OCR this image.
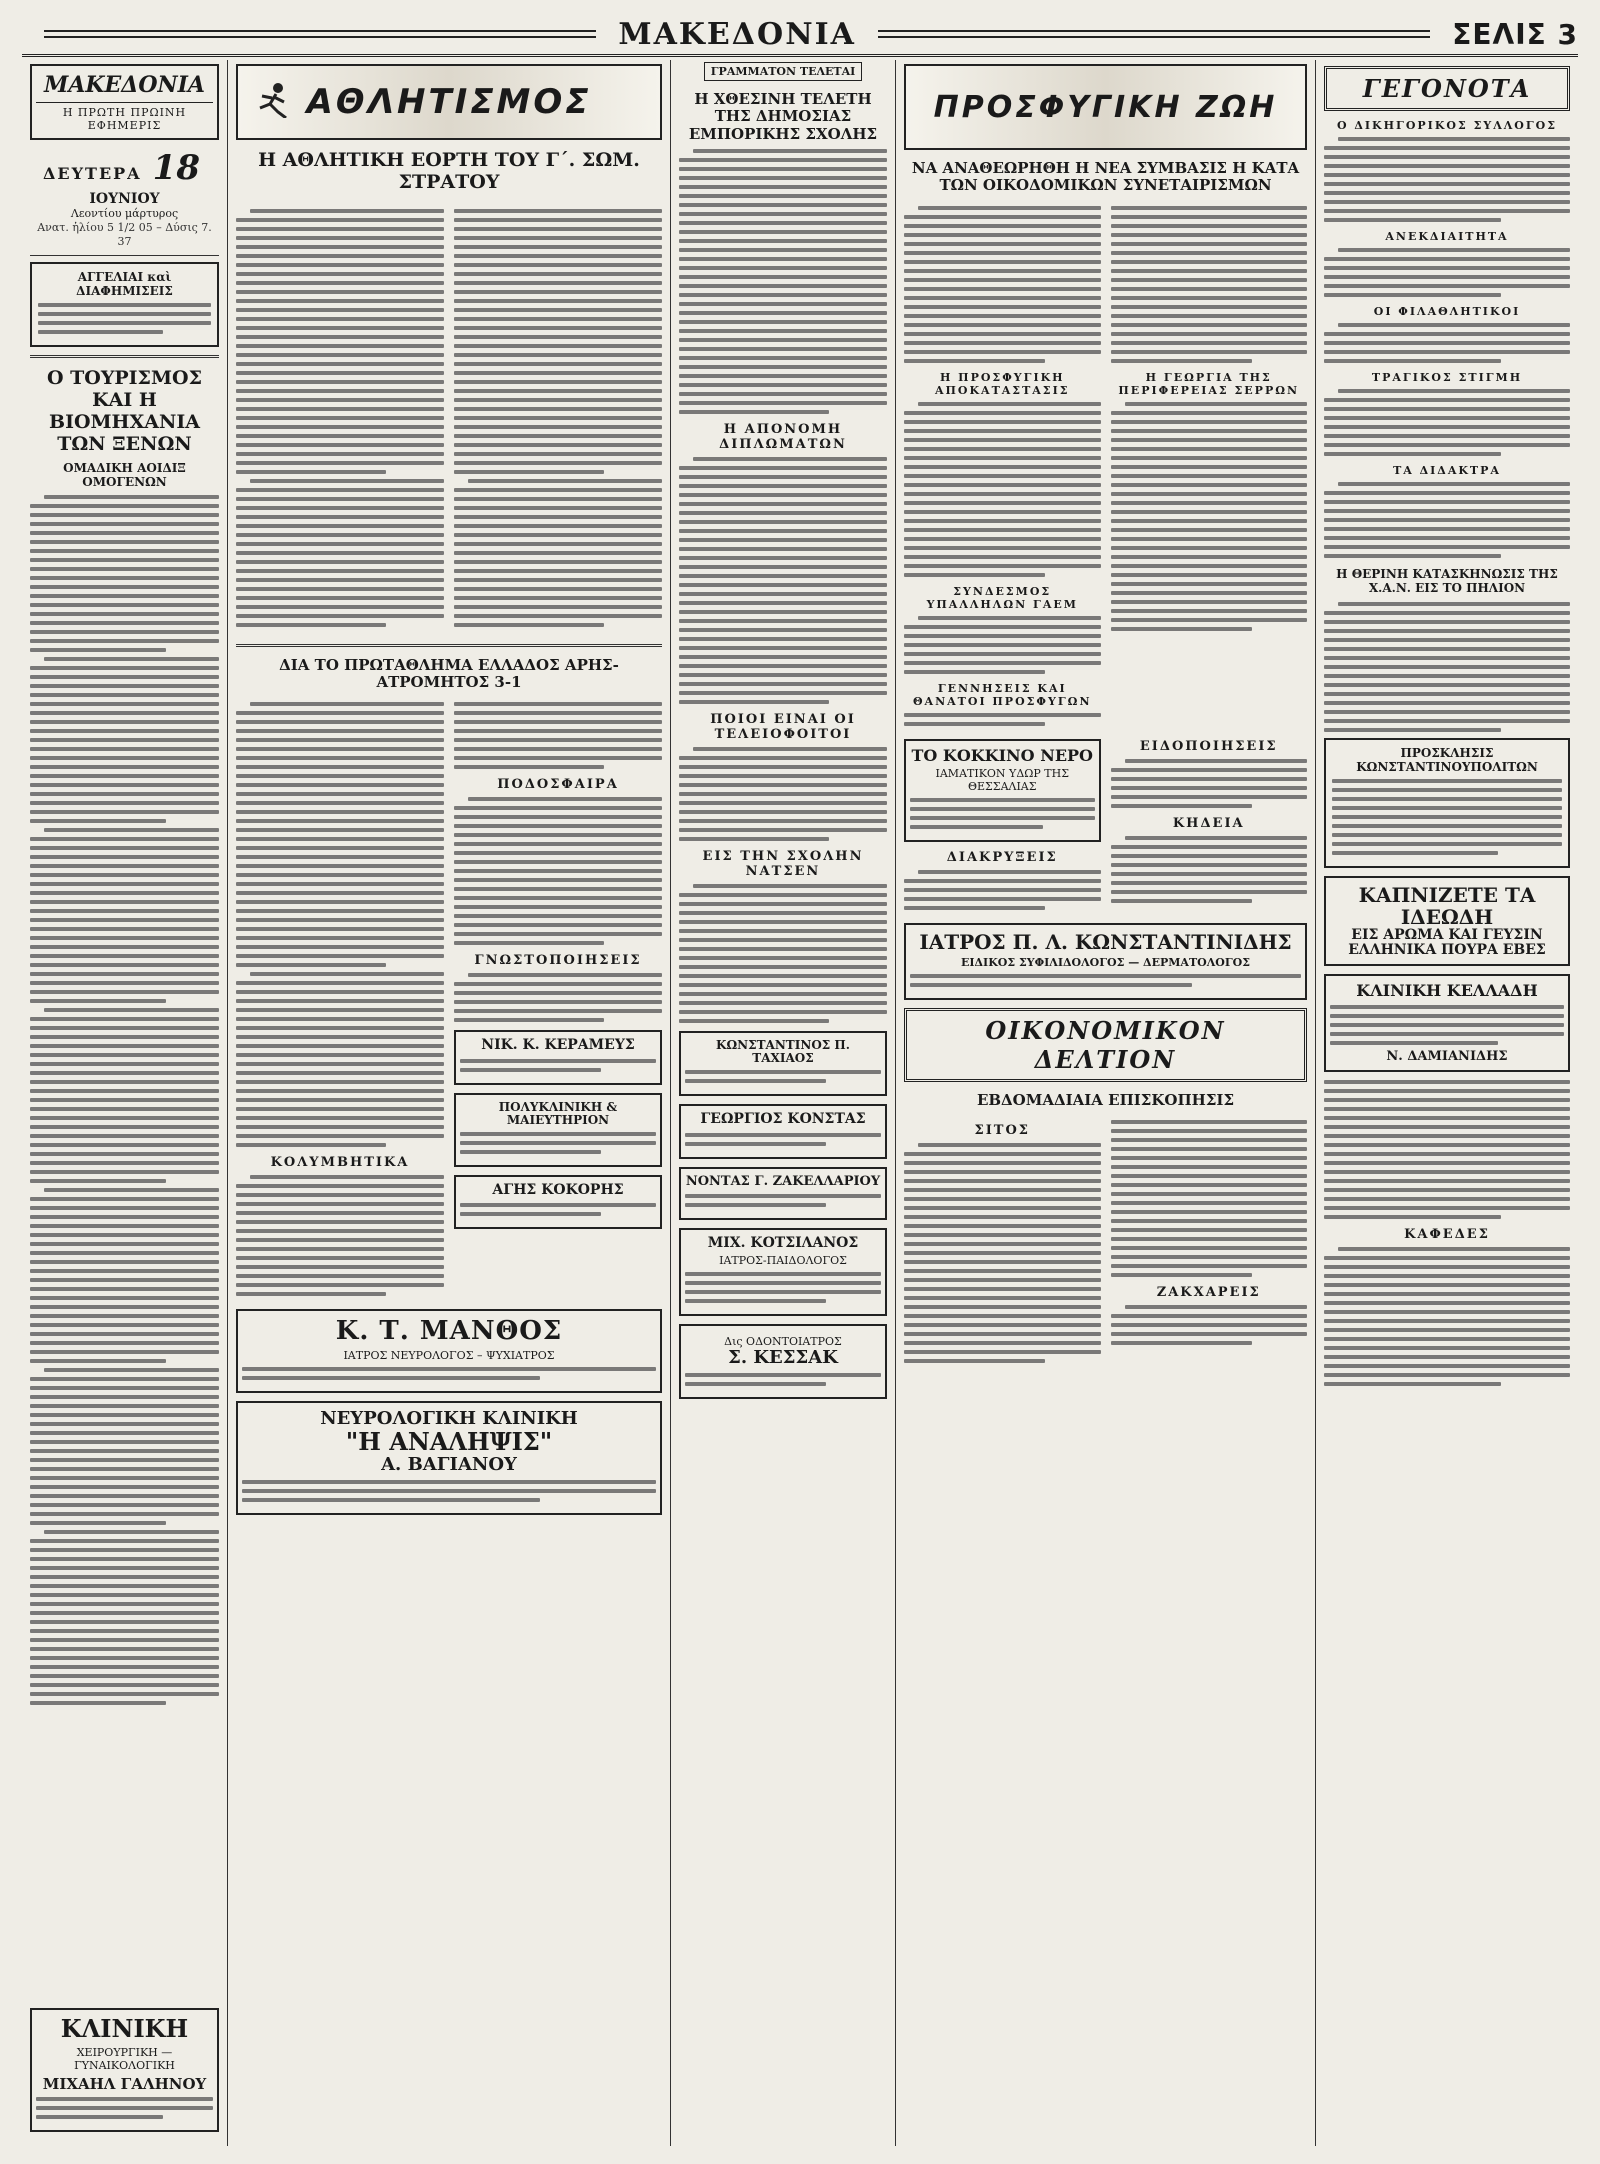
ΜΑΚΕΔΟΝΙΑ	ΣΕΛΙΣ 3
ΜΑΚΕΔΟΝΙΑ
Η ΠΡΩΤΗ ΠΡΩΙΝΗ ΕΦΗΜΕΡΙΣ
ΔΕΥΤΕΡΑ 18 ΙΟΥΝΙΟΥ
Λεοντίου μάρτυρος
Ανατ. ἡλίου 5 1/2 05 – Δύσις 7. 37
ΑΓΓΕΛΙΑΙ καὶ ΔΙΑΦΗΜΙΣΕΙΣ
Ο ΤΟΥΡΙΣΜΟΣ ΚΑΙ Η ΒΙΟΜΗΧΑΝΙΑ ΤΩΝ ΞΕΝΩΝ
ΟΜΑΔΙΚΗ ΑΟΙΔΙΞ ΟΜΟΓΕΝΩΝ
ΚΛΙΝΙΚΗ
ΧΕΙΡΟΥΡΓΙΚΗ — ΓΥΝΑΙΚΟΛΟΓΙΚΗ
ΜΙΧΑΗΛ ΓΑΛΗΝΟΥ
ΑΘΛΗΤΙΣΜΟΣ
Η ΑΘΛΗΤΙΚΗ ΕΟΡΤΗ ΤΟΥ Γ΄. ΣΩΜ. ΣΤΡΑΤΟΥ
ΔΙΑ ΤΟ ΠΡΩΤΑΘΛΗΜΑ ΕΛΛΑΔΟΣ ΑΡΗΣ-ΑΤΡΟΜΗΤΟΣ 3-1
ΚΟΛΥΜΒΗΤΙΚΑ
ΠΟΔΟΣΦΑΙΡΑ
ΓΝΩΣΤΟΠΟΙΗΣΕΙΣ
ΝΙΚ. Κ. ΚΕΡΑΜΕΥΣ
ΠΟΛΥΚΛΙΝΙΚΗ & ΜΑΙΕΥΤΗΡΙΟΝ
ΑΓΗΣ ΚΟΚΟΡΗΣ
Κ. Τ. ΜΑΝΘΟΣ
ΙΑΤΡΟΣ ΝΕΥΡΟΛΟΓΟΣ – ΨΥΧΙΑΤΡΟΣ
ΝΕΥΡΟΛΟΓΙΚΗ ΚΛΙΝΙΚΗ
"Η ΑΝΑΛΗΨΙΣ"
Α. ΒΑΓΙΑΝΟΥ
ΓΡΑΜΜΑΤΟΝ ΤΕΛΕΤΑΙ
Η ΧΘΕΣΙΝΗ ΤΕΛΕΤΗ ΤΗΣ ΔΗΜΟΣΙΑΣ ΕΜΠΟΡΙΚΗΣ ΣΧΟΛΗΣ
Η ΑΠΟΝΟΜΗ ΔΙΠΛΩΜΑΤΩΝ
ΠΟΙΟΙ ΕΙΝΑΙ ΟΙ ΤΕΛΕΙΟΦΟΙΤΟΙ
ΕΙΣ ΤΗΝ ΣΧΟΛΗΝ ΝΑΤΣΕΝ
ΚΩΝΣΤΑΝΤΙΝΟΣ Π. ΤΑΧΙΑΟΣ
ΓΕΩΡΓΙΟΣ ΚΟΝΣΤΑΣ
ΝΟΝΤΑΣ Γ. ΖΑΚΕΛΛΑΡΙΟΥ
ΜΙΧ. ΚΟΤΣΙΛΑΝΟΣ
ΙΑΤΡΟΣ-ΠΑΙΔΟΛΟΓΟΣ
Δις ΟΔΟΝΤΟΙΑΤΡΟΣ
Σ. ΚΕΣΣΑΚ
ΠΡΟΣΦΥΓΙΚΗ ΖΩΗ
ΝΑ ΑΝΑΘΕΩΡΗΘΗ Η ΝΕΑ ΣΥΜΒΑΣΙΣ Η ΚΑΤΑ ΤΩΝ ΟΙΚΟΔΟΜΙΚΩΝ ΣΥΝΕΤΑΙΡΙΣΜΩΝ
Η ΠΡΟΣΦΥΓΙΚΗ ΑΠΟΚΑΤΑΣΤΑΣΙΣ
ΣΥΝΔΕΣΜΟΣ ΥΠΑΛΛΗΛΩΝ ΓΑΕΜ
ΓΕΝΝΗΣΕΙΣ ΚΑΙ ΘΑΝΑΤΟΙ ΠΡΟΣΦΥΓΩΝ
Η ΓΕΩΡΓΙΑ ΤΗΣ ΠΕΡΙΦΕΡΕΙΑΣ ΣΕΡΡΩΝ
ΤΟ ΚΟΚΚΙΝΟ ΝΕΡΟ
ΙΑΜΑΤΙΚΟΝ ΥΔΩΡ ΤΗΣ ΘΕΣΣΑΛΙΑΣ
ΔΙΑΚΡΥΞΕΙΣ
ΕΙΔΟΠΟΙΗΣΕΙΣ
ΚΗΔΕΙΑ
ΙΑΤΡΟΣ Π. Λ. ΚΩΝΣΤΑΝΤΙΝΙΔΗΣ
ΕΙΔΙΚΟΣ ΣΥΦΙΛΙΔΟΛΟΓΟΣ — ΔΕΡΜΑΤΟΛΟΓΟΣ
ΟΙΚΟΝΟΜΙΚΟΝ ΔΕΛΤΙΟΝ
ΕΒΔΟΜΑΔΙΑΙΑ ΕΠΙΣΚΟΠΗΣΙΣ
ΣΙΤΟΣ
ΖΑΚΧΑΡΕΙΣ
ΓΕΓΟΝΟΤΑ
Ο ΔΙΚΗΓΟΡΙΚΟΣ ΣΥΛΛΟΓΟΣ
ΑΝΕΚΔΙΑΙΤΗΤΑ
ΟΙ ΦΙΛΑΘΛΗΤΙΚΟΙ
ΤΡΑΓΙΚΟΣ ΣΤΙΓΜΗ
ΤΑ ΔΙΔΑΚΤΡΑ
Η ΘΕΡΙΝΗ ΚΑΤΑΣΚΗΝΩΣΙΣ ΤΗΣ Χ.Α.Ν. ΕΙΣ ΤΟ ΠΗΛΙΟΝ
ΠΡΟΣΚΛΗΣΙΣ ΚΩΝΣΤΑΝΤΙΝΟΥΠΟΛΙΤΩΝ
ΚΑΠΝΙΖΕΤΕ ΤΑ ΙΔΕΩΔΗ
ΕΙΣ ΑΡΩΜΑ ΚΑΙ ΓΕΥΣΙΝ
ΕΛΛΗΝΙΚΑ ΠΟΥΡΑ ΕΒΕΣ
ΚΛΙΝΙΚΗ ΚΕΛΛΑΔΗ
Ν. ΔΑΜΙΑΝΙΔΗΣ
ΚΑΦΕΔΕΣ
